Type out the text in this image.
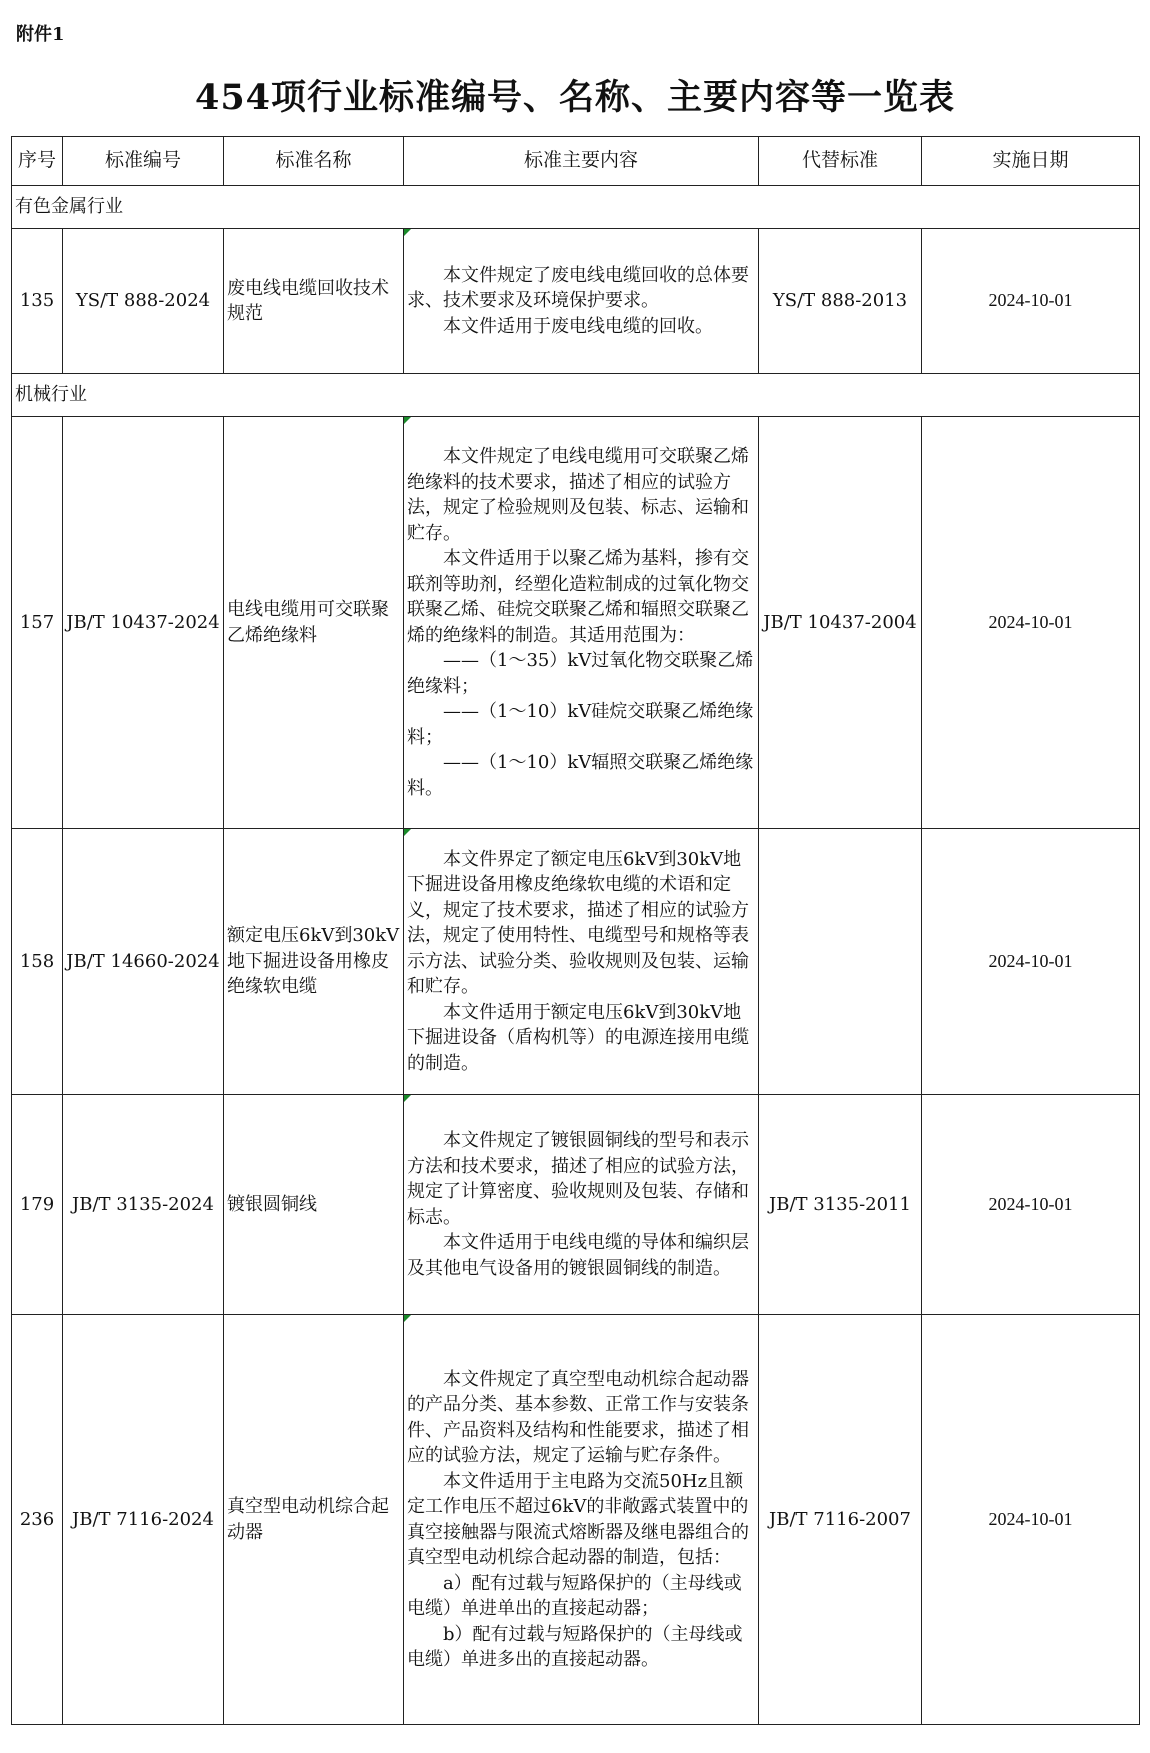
附件1
454项行业标准编号、名称、主要内容等一览表
序号	标准编号	标准名称	标准主要内容	代替标准	实施日期
有色金属行业					
135	YS/T 888-2024	废电线电缆回收技术规范	本文件规定了废电线电缆回收的总体要求、技术要求及环境保护要求。

本文件适用于废电线电缆的回收。	YS/T 888-2013	2024-10-01
机械行业					
157	JB/T 10437-2024	电线电缆用可交联聚乙烯绝缘料	本文件规定了电线电缆用可交联聚乙烯绝缘料的技术要求，描述了相应的试验方法，规定了检验规则及包装、标志、运输和贮存。

本文件适用于以聚乙烯为基料，掺有交联剂等助剂，经塑化造粒制成的过氧化物交联聚乙烯、硅烷交联聚乙烯和辐照交联聚乙烯的绝缘料的制造。其适用范围为：

——（1～35）kV过氧化物交联聚乙烯绝缘料；

——（1～10）kV硅烷交联聚乙烯绝缘料；

——（1～10）kV辐照交联聚乙烯绝缘料。	JB/T 10437-2004	2024-10-01
158	JB/T 14660-2024	额定电压6kV到30kV地下掘进设备用橡皮绝缘软电缆	本文件界定了额定电压6kV到30kV地下掘进设备用橡皮绝缘软电缆的术语和定义，规定了技术要求，描述了相应的试验方法，规定了使用特性、电缆型号和规格等表示方法、试验分类、验收规则及包装、运输和贮存。

本文件适用于额定电压6kV到30kV地下掘进设备（盾构机等）的电源连接用电缆的制造。		2024-10-01
179	JB/T 3135-2024	镀银圆铜线	本文件规定了镀银圆铜线的型号和表示方法和技术要求，描述了相应的试验方法，规定了计算密度、验收规则及包装、存储和标志。

本文件适用于电线电缆的导体和编织层及其他电气设备用的镀银圆铜线的制造。	JB/T 3135-2011	2024-10-01
236	JB/T 7116-2024	真空型电动机综合起动器	本文件规定了真空型电动机综合起动器的产品分类、基本参数、正常工作与安装条件、产品资料及结构和性能要求，描述了相应的试验方法，规定了运输与贮存条件。

本文件适用于主电路为交流50Hz且额定工作电压不超过6kV的非敞露式装置中的真空接触器与限流式熔断器及继电器组合的真空型电动机综合起动器的制造，包括：

a）配有过载与短路保护的（主母线或电缆）单进单出的直接起动器；

b）配有过载与短路保护的（主母线或电缆）单进多出的直接起动器。	JB/T 7116-2007	2024-10-01
